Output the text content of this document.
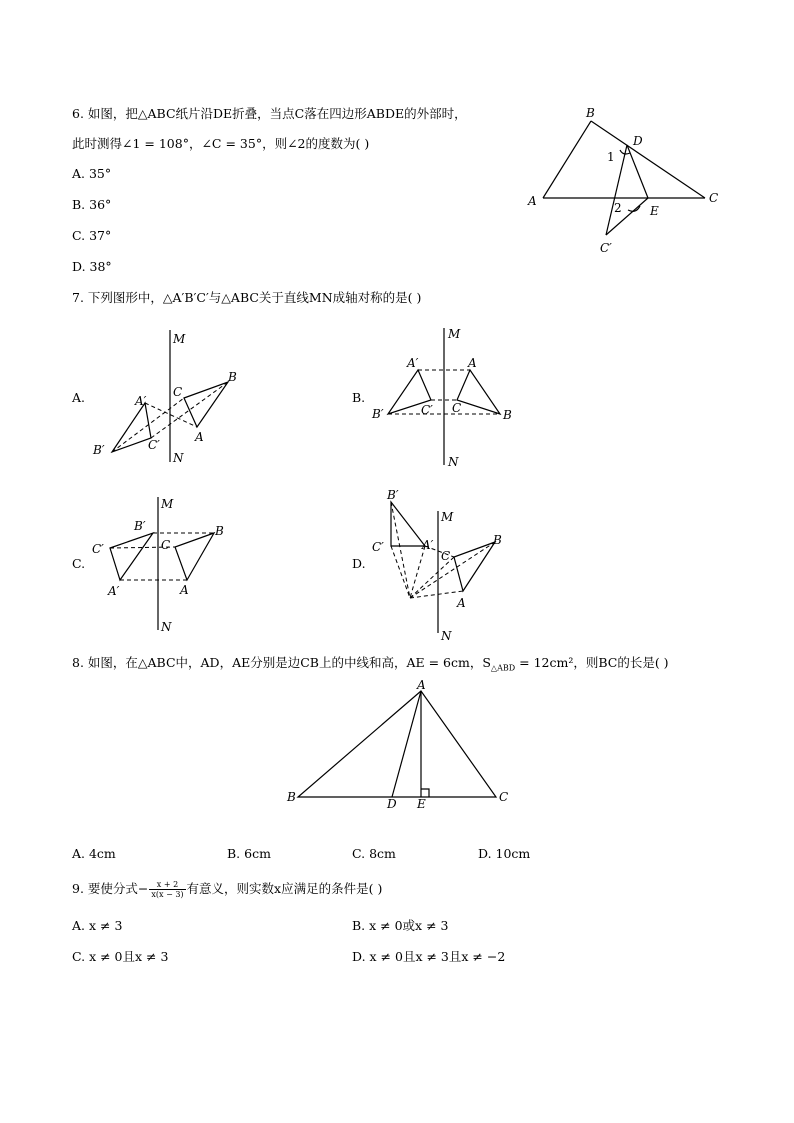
6. 如图，把△ABC纸片沿DE折叠，当点C落在四边形ABDE的外部时，
此时测得∠1 = 108°，∠C = 35°，则∠2的度数为( )
A. 35°
B. 36°
C. 37°
D. 38°
B
D
1
A	C
2 E
C′
7. 下列图形中，△A′B′C′与△ABC关于直线MN成轴对称的是( )
A.	B.
C.	D.
M
N
C
B
A
A′
C′
B′
M
N
A
C	B
A′
C′
B′
M
N
B
C
A
B′
C′
A′
M
N
B′
C′	A′
C
B
A
8. 如图，在△ABC中，AD，AE分别是边CB上的中线和高，AE = 6cm，$S_{\triangle ABD} = 12cm^2$，则BC的长是( )
A
B	C
D E
A. 4cm	B. 6cm	C. 8cm	D. 10cm
9. 要使分式− $\frac{x + 2}{x(x - 3)}$ 有意义，则实数x应满足的条件是( )
A. x ≠ 3	B. x ≠ 0或x ≠ 3
C. x ≠ 0且x ≠ 3	D. x ≠ 0且x ≠ 3且x ≠ −2
